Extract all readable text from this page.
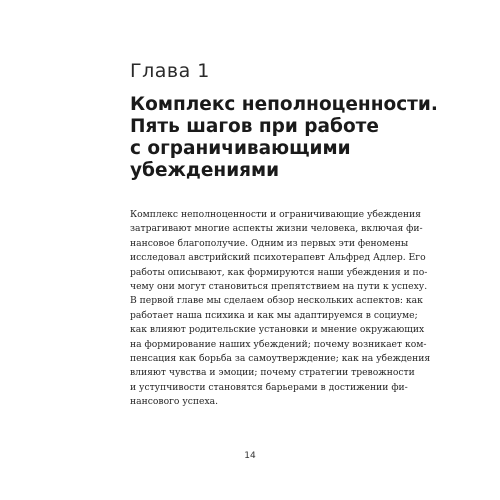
Глава 1
Комплекс неполноценности.
Пять шагов при работе
с ограничивающими
убеждениями

Комплекс неполноценности и ограничивающие убеждения
затрагивают многие аспекты жизни человека, включая фи-
нансовое благополучие. Одним из первых эти феномены
исследовал австрийский психотерапевт Альфред Адлер. Его
работы описывают, как формируются наши убеждения и по-
чему они могут становиться препятствием на пути к успеху.
В первой главе мы сделаем обзор нескольких аспектов: как
работает наша психика и как мы адаптируемся в социуме;
как влияют родительские установки и мнение окружающих
на формирование наших убеждений; почему возникает ком-
пенсация как борьба за самоутверждение; как на убеждения
влияют чувства и эмоции; почему стратегии тревожности
и уступчивости становятся барьерами в достижении фи-
нансового успеха.

14
